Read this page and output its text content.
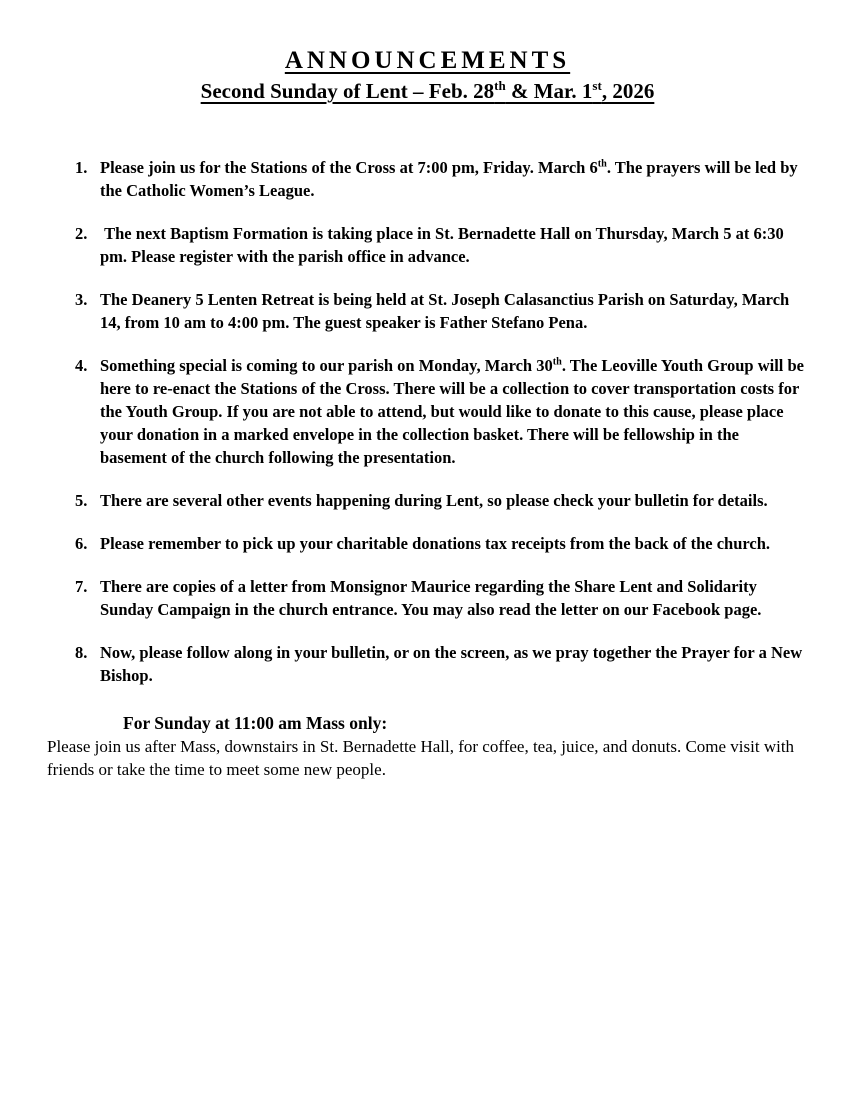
ANNOUNCEMENTS
Second Sunday of Lent – Feb. 28th & Mar. 1st, 2026
1. Please join us for the Stations of the Cross at 7:00 pm, Friday. March 6th. The prayers will be led by the Catholic Women’s League.
2. The next Baptism Formation is taking place in St. Bernadette Hall on Thursday, March 5 at 6:30 pm. Please register with the parish office in advance.
3. The Deanery 5 Lenten Retreat is being held at St. Joseph Calasanctius Parish on Saturday, March 14, from 10 am to 4:00 pm. The guest speaker is Father Stefano Pena.
4. Something special is coming to our parish on Monday, March 30th. The Leoville Youth Group will be here to re-enact the Stations of the Cross. There will be a collection to cover transportation costs for the Youth Group. If you are not able to attend, but would like to donate to this cause, please place your donation in a marked envelope in the collection basket. There will be fellowship in the basement of the church following the presentation.
5. There are several other events happening during Lent, so please check your bulletin for details.
6. Please remember to pick up your charitable donations tax receipts from the back of the church.
7. There are copies of a letter from Monsignor Maurice regarding the Share Lent and Solidarity Sunday Campaign in the church entrance. You may also read the letter on our Facebook page.
8. Now, please follow along in your bulletin, or on the screen, as we pray together the Prayer for a New Bishop.

For Sunday at 11:00 am Mass only:

Please join us after Mass, downstairs in St. Bernadette Hall, for coffee, tea, juice, and donuts. Come visit with friends or take the time to meet some new people.
